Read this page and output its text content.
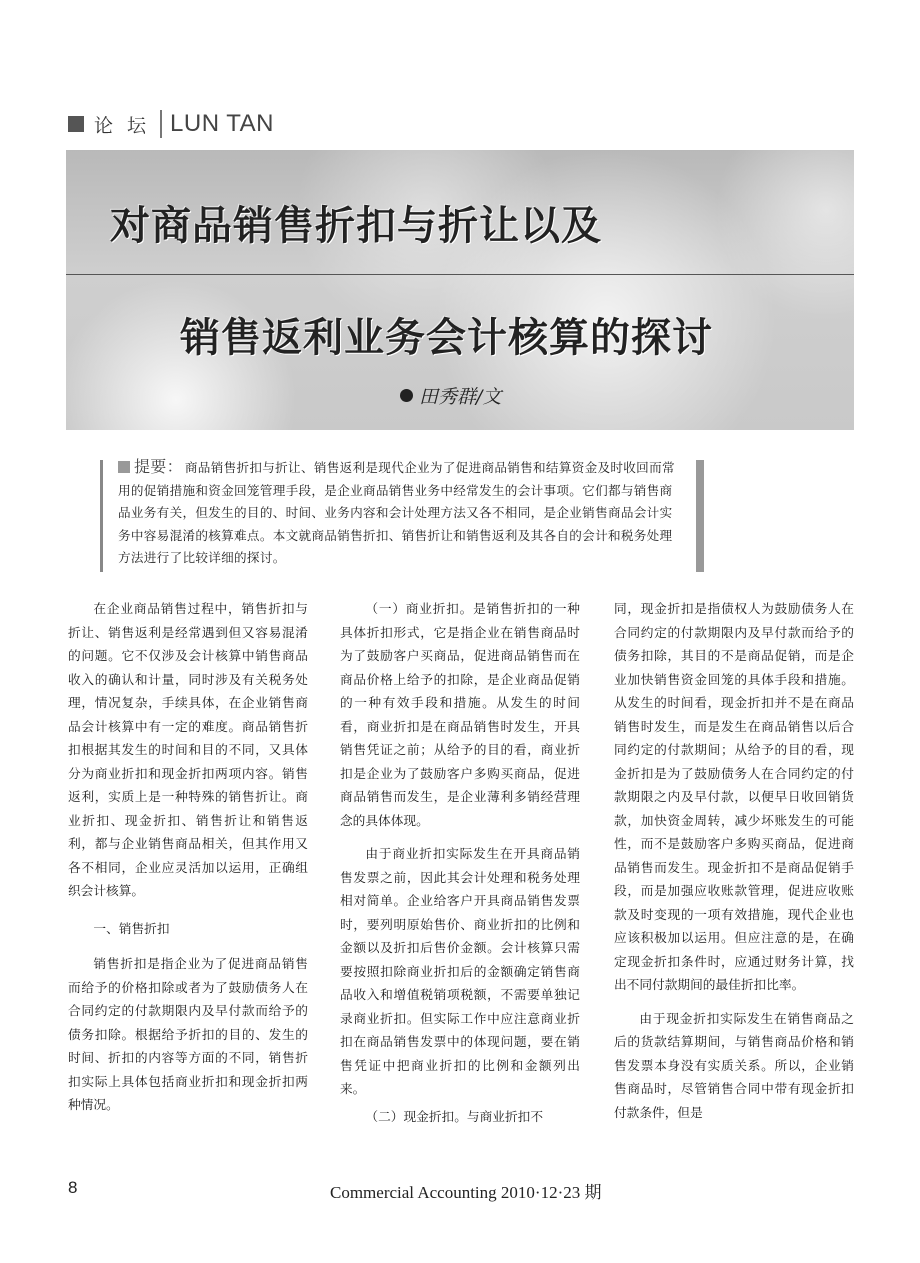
论坛 LUN TAN
对商品销售折扣与折让以及
销售返利业务会计核算的探讨
田秀群/文
提要： 商品销售折扣与折让、销售返利是现代企业为了促进商品销售和结算资金及时收回而常用的促销措施和资金回笼管理手段，是企业商品销售业务中经常发生的会计事项。它们都与销售商品业务有关，但发生的目的、时间、业务内容和会计处理方法又各不相同，是企业销售商品会计实务中容易混淆的核算难点。本文就商品销售折扣、销售折让和销售返利及其各自的会计和税务处理方法进行了比较详细的探讨。

在企业商品销售过程中，销售折扣与折让、销售返利是经常遇到但又容易混淆的问题。它不仅涉及会计核算中销售商品收入的确认和计量，同时涉及有关税务处理，情况复杂，手续具体，在企业销售商品会计核算中有一定的难度。商品销售折扣根据其发生的时间和目的不同，又具体分为商业折扣和现金折扣两项内容。销售返利，实质上是一种特殊的销售折让。商业折扣、现金折扣、销售折让和销售返利，都与企业销售商品相关，但其作用又各不相同，企业应灵活加以运用，正确组织会计核算。

一、销售折扣

销售折扣是指企业为了促进商品销售而给予的价格扣除或者为了鼓励债务人在合同约定的付款期限内及早付款而给予的债务扣除。根据给予折扣的目的、发生的时间、折扣的内容等方面的不同，销售折扣实际上具体包括商业折扣和现金折扣两种情况。

（一）商业折扣。是销售折扣的一种具体折扣形式，它是指企业在销售商品时为了鼓励客户买商品，促进商品销售而在商品价格上给予的扣除，是企业商品促销的一种有效手段和措施。从发生的时间看，商业折扣是在商品销售时发生，开具销售凭证之前；从给予的目的看，商业折扣是企业为了鼓励客户多购买商品，促进商品销售而发生，是企业薄利多销经营理念的具体体现。

由于商业折扣实际发生在开具商品销售发票之前，因此其会计处理和税务处理相对简单。企业给客户开具商品销售发票时，要列明原始售价、商业折扣的比例和金额以及折扣后售价金额。会计核算只需要按照扣除商业折扣后的金额确定销售商品收入和增值税销项税额，不需要单独记录商业折扣。但实际工作中应注意商业折扣在商品销售发票中的体现问题，要在销售凭证中把商业折扣的比例和金额列出来。

（二）现金折扣。与商业折扣不

同，现金折扣是指债权人为鼓励债务人在合同约定的付款期限内及早付款而给予的债务扣除，其目的不是商品促销，而是企业加快销售资金回笼的具体手段和措施。从发生的时间看，现金折扣并不是在商品销售时发生，而是发生在商品销售以后合同约定的付款期间；从给予的目的看，现金折扣是为了鼓励债务人在合同约定的付款期限之内及早付款，以便早日收回销货款，加快资金周转，减少坏账发生的可能性，而不是鼓励客户多购买商品，促进商品销售而发生。现金折扣不是商品促销手段，而是加强应收账款管理，促进应收账款及时变现的一项有效措施，现代企业也应该积极加以运用。但应注意的是，在确定现金折扣条件时，应通过财务计算，找出不同付款期间的最佳折扣比率。

由于现金折扣实际发生在销售商品之后的货款结算期间，与销售商品价格和销售发票本身没有实质关系。所以，企业销售商品时，尽管销售合同中带有现金折扣付款条件，但是

8	Commercial Accounting 2010·12·23 期
